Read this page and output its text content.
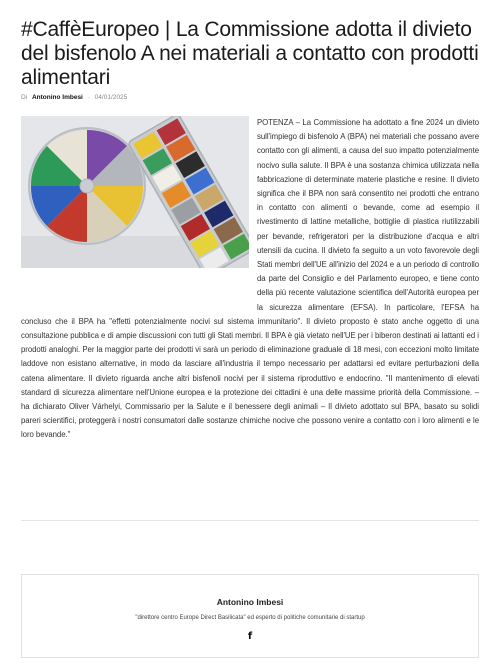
#CaffèEuropeo | La Commissione adotta il divieto del bisfenolo A nei materiali a contatto con prodotti alimentari
Di Antonino Imbesi - 04/01/2025
POTENZA – La Commissione ha adottato a fine 2024 un divieto sull'impiego di bisfenolo A (BPA) nei materiali che possano avere contatto con gli alimenti, a causa del suo impatto potenzialmente nocivo sulla salute. Il BPA è una sostanza chimica utilizzata nella fabbricazione di determinate materie plastiche e resine. Il divieto significa che il BPA non sarà consentito nei prodotti che entrano in contatto con alimenti o bevande, come ad esempio il rivestimento di lattine metalliche, bottiglie di plastica riutilizzabili per bevande, refrigeratori per la distribuzione d'acqua e altri utensili da cucina. Il divieto fa seguito a un voto favorevole degli Stati membri dell'UE all'inizio del 2024 e a un periodo di controllo da parte del Consiglio e del Parlamento europeo, e tiene conto della più recente valutazione scientifica dell'Autorità europea per la sicurezza alimentare (EFSA). In particolare, l'EFSA ha concluso che il BPA ha "effetti potenzialmente nocivi sul sistema immunitario". Il divieto proposto è stato anche oggetto di una consultazione pubblica e di ampie discussioni con tutti gli Stati membri. Il BPA è già vietato nell'UE per i biberon destinati ai lattanti ed i prodotti analoghi. Per la maggior parte dei prodotti vi sarà un periodo di eliminazione graduale di 18 mesi, con eccezioni molto limitate laddove non esistano alternative, in modo da lasciare all'industria il tempo necessario per adattarsi ed evitare perturbazioni della catena alimentare. Il divieto riguarda anche altri bisfenoli nocivi per il sistema riproduttivo e endocrino. "Il mantenimento di elevati standard di sicurezza alimentare nell'Unione europea e la protezione dei cittadini è una delle massime priorità della Commissione. – ha dichiarato Oliver Várhelyi, Commissario per la Salute e il benessere degli animali – Il divieto adottato sul BPA, basato su solidi pareri scientifici, proteggerà i nostri consumatori dalle sostanze chimiche nocive che possono venire a contatto con i loro alimenti e le loro bevande."
Antonino Imbesi
"direttore centro Europe Direct Basilicata" ed esperto di politiche comunitarie di startup
f
